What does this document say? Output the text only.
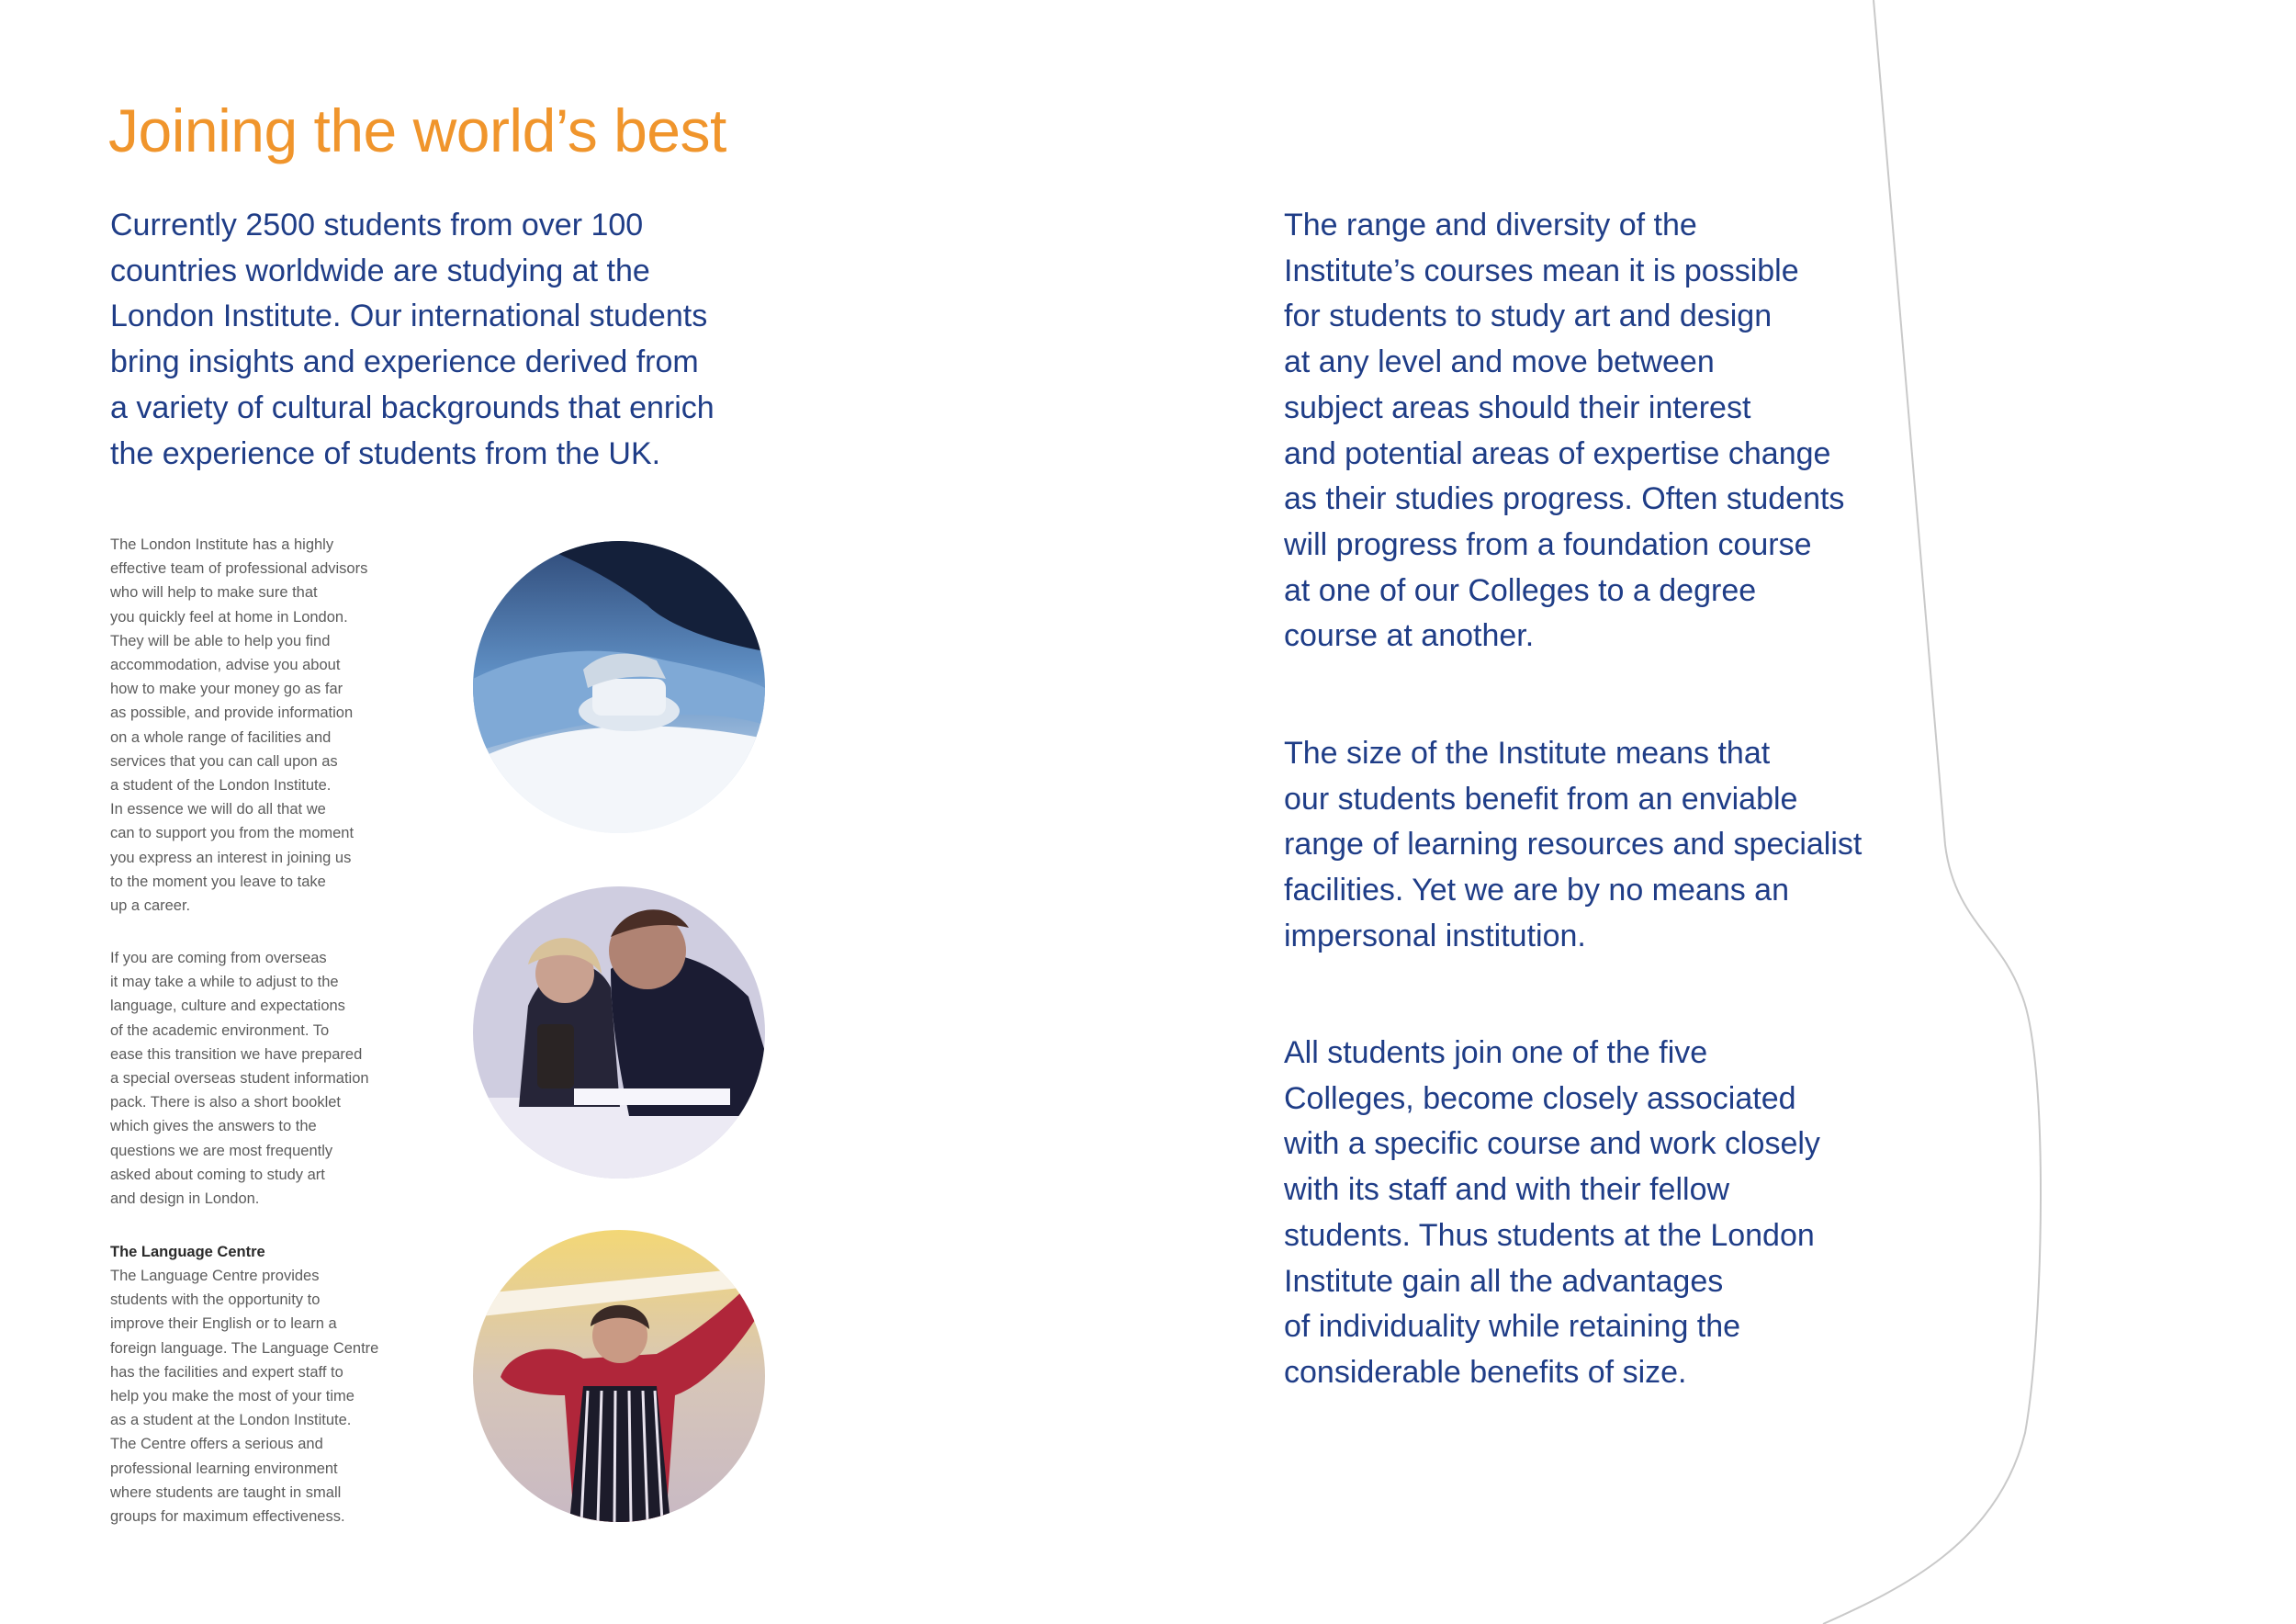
Joining the world’s best

Currently 2500 students from over 100
countries worldwide are studying at the
London Institute. Our international students
bring insights and experience derived from
a variety of cultural backgrounds that enrich
the experience of students from the UK.

The London Institute has a highly
effective team of professional advisors
who will help to make sure that
you quickly feel at home in London.
They will be able to help you find
accommodation, advise you about
how to make your money go as far
as possible, and provide information
on a whole range of facilities and
services that you can call upon as
a student of the London Institute.
In essence we will do all that we
can to support you from the moment
you express an interest in joining us
to the moment you leave to take
up a career.

If you are coming from overseas
it may take a while to adjust to the
language, culture and expectations
of the academic environment. To
ease this transition we have prepared
a special overseas student information
pack. There is also a short booklet
which gives the answers to the
questions we are most frequently
asked about coming to study art
and design in London.

The Language Centre

The Language Centre provides
students with the opportunity to
improve their English or to learn a
foreign language. The Language Centre
has the facilities and expert staff to
help you make the most of your time
as a student at the London Institute.
The Centre offers a serious and
professional learning environment
where students are taught in small
groups for maximum effectiveness.

The range and diversity of the
Institute’s courses mean it is possible
for students to study art and design
at any level and move between
subject areas should their interest
and potential areas of expertise change
as their studies progress. Often students
will progress from a foundation course
at one of our Colleges to a degree
course at another.

The size of the Institute means that
our students benefit from an enviable
range of learning resources and specialist
facilities. Yet we are by no means an
impersonal institution.

All students join one of the five
Colleges, become closely associated
with a specific course and work closely
with its staff and with their fellow
students. Thus students at the London
Institute gain all the advantages
of individuality while retaining the
considerable benefits of size.
